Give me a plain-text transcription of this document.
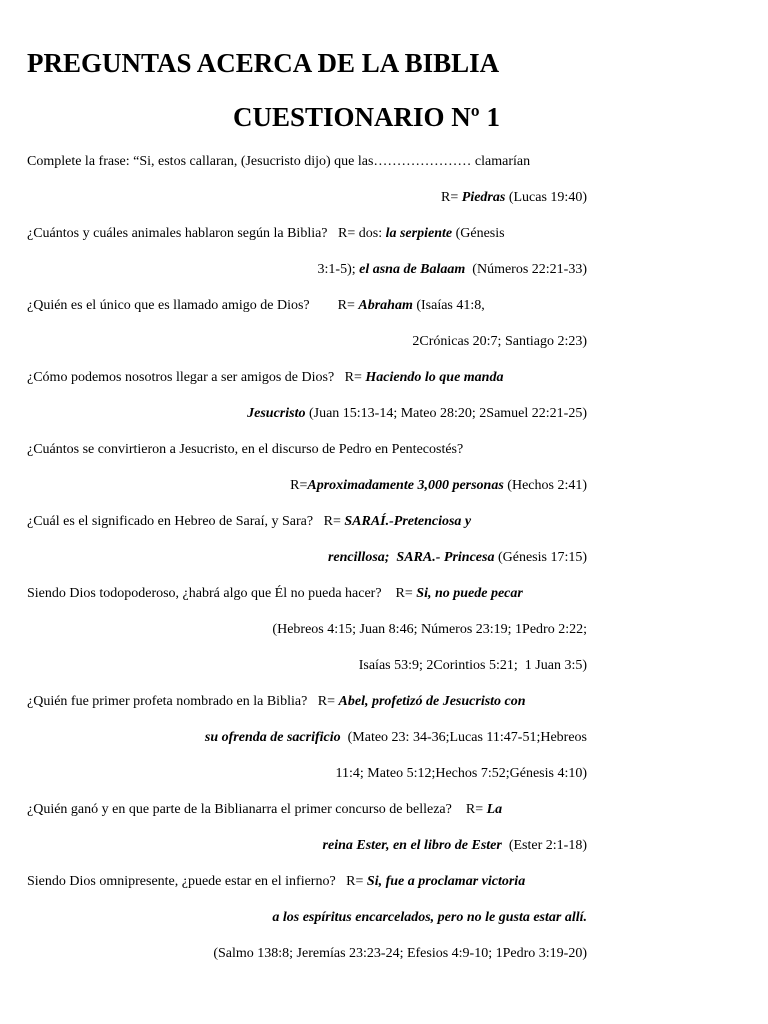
PREGUNTAS ACERCA DE LA BIBLIA
CUESTIONARIO Nº 1
Complete la frase: “Si, estos callaran, (Jesucristo dijo) que las………………… clamarían
R= Piedras (Lucas 19:40)
¿Cuántos y cuáles animales hablaron según la Biblia?   R= dos: la serpiente (Génesis
3:1-5); el asna de Balaam  (Números 22:21-33)
¿Quién es el único que es llamado amigo de Dios?        R= Abraham (Isaías 41:8,
2Crónicas 20:7; Santiago 2:23)
¿Cómo podemos nosotros llegar a ser amigos de Dios?   R= Haciendo lo que manda
Jesucristo (Juan 15:13-14; Mateo 28:20; 2Samuel 22:21-25)
¿Cuántos se convirtieron a Jesucristo, en el discurso de Pedro en Pentecostés?
R=Aproximadamente 3,000 personas (Hechos 2:41)
¿Cuál es el significado en Hebreo de Saraí, y Sara?   R= SARAÍ.-Pretenciosa y
rencillosa;  SARA.- Princesa (Génesis 17:15)
Siendo Dios todopoderoso, ¿habrá algo que Él no pueda hacer?    R= Si, no puede pecar
(Hebreos 4:15; Juan 8:46; Números 23:19; 1Pedro 2:22;
Isaías 53:9; 2Corintios 5:21;  1 Juan 3:5)
¿Quién fue primer profeta nombrado en la Biblia?   R= Abel, profetizó de Jesucristo con
su ofrenda de sacrificio  (Mateo 23: 34-36;Lucas 11:47-51;Hebreos
11:4; Mateo 5:12;Hechos 7:52;Génesis 4:10)
¿Quién ganó y en que parte de la Biblianarra el primer concurso de belleza?    R= La
reina Ester, en el libro de Ester  (Ester 2:1-18)
Siendo Dios omnipresente, ¿puede estar en el infierno?   R= Si, fue a proclamar victoria
a los espíritus encarcelados, pero no le gusta estar allí.
(Salmo 138:8; Jeremías 23:23-24; Efesios 4:9-10; 1Pedro 3:19-20)
